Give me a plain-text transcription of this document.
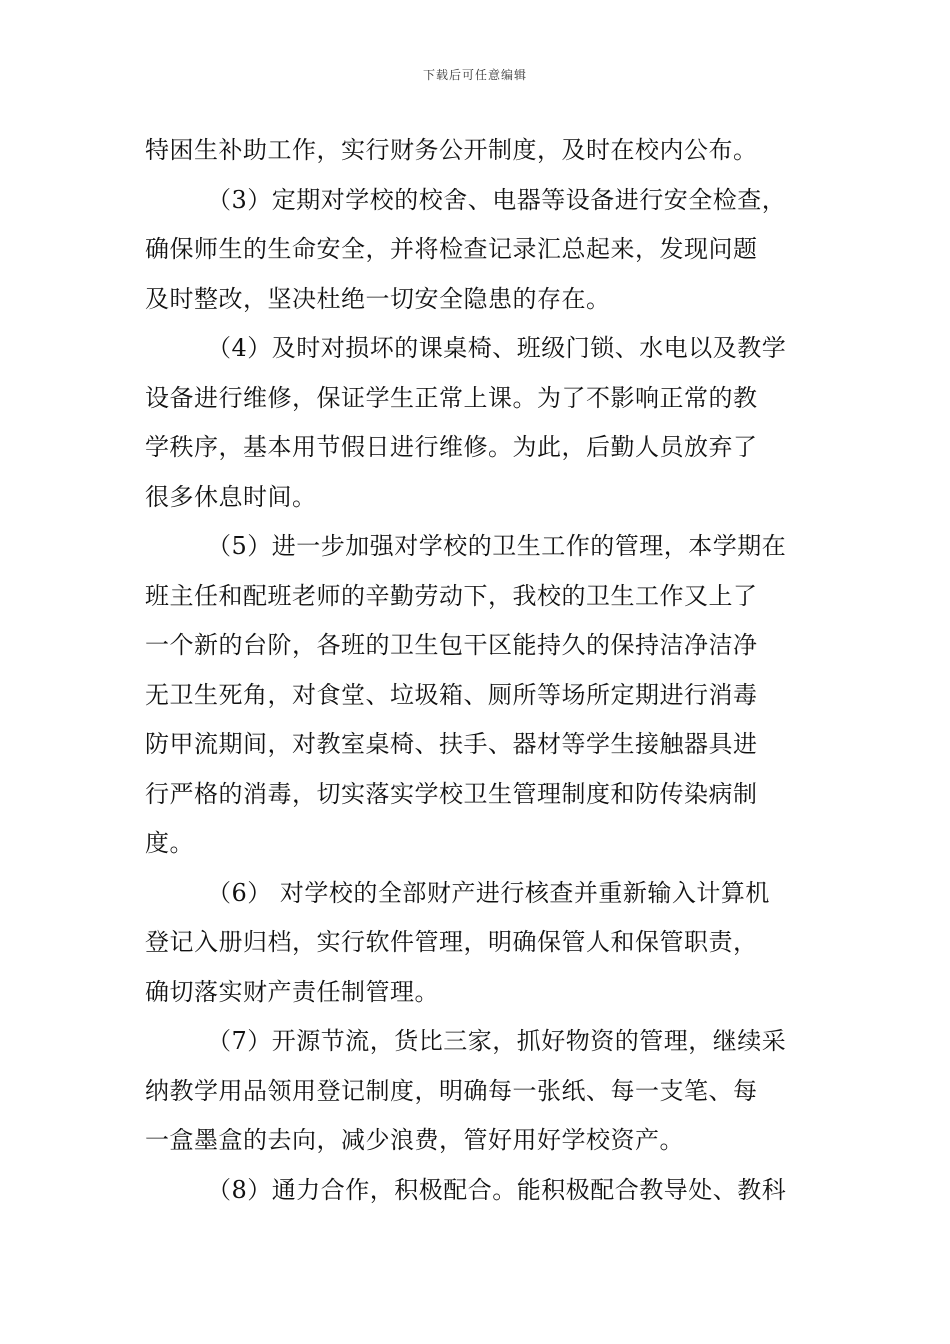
下载后可任意编辑
特困生补助工作，实行财务公开制度，及时在校内公布。
（3）定期对学校的校舍、电器等设备进行安全检查，
确保师生的生命安全，并将检查记录汇总起来，发现问题
及时整改，坚决杜绝一切安全隐患的存在。
（4）及时对损坏的课桌椅、班级门锁、水电以及教学
设备进行维修，保证学生正常上课。为了不影响正常的教
学秩序，基本用节假日进行维修。为此，后勤人员放弃了
很多休息时间。
（5）进一步加强对学校的卫生工作的管理，本学期在
班主任和配班老师的辛勤劳动下，我校的卫生工作又上了
一个新的台阶，各班的卫生包干区能持久的保持洁净洁净
无卫生死角，对食堂、垃圾箱、厕所等场所定期进行消毒
防甲流期间，对教室桌椅、扶手、器材等学生接触器具进
行严格的消毒，切实落实学校卫生管理制度和防传染病制
度。
（6） 对学校的全部财产进行核查并重新输入计算机
登记入册归档，实行软件管理，明确保管人和保管职责，
确切落实财产责任制管理。
（7）开源节流，货比三家，抓好物资的管理，继续采
纳教学用品领用登记制度，明确每一张纸、每一支笔、每
一盒墨盒的去向，减少浪费，管好用好学校资产。
（8）通力合作，积极配合。能积极配合教导处、教科
